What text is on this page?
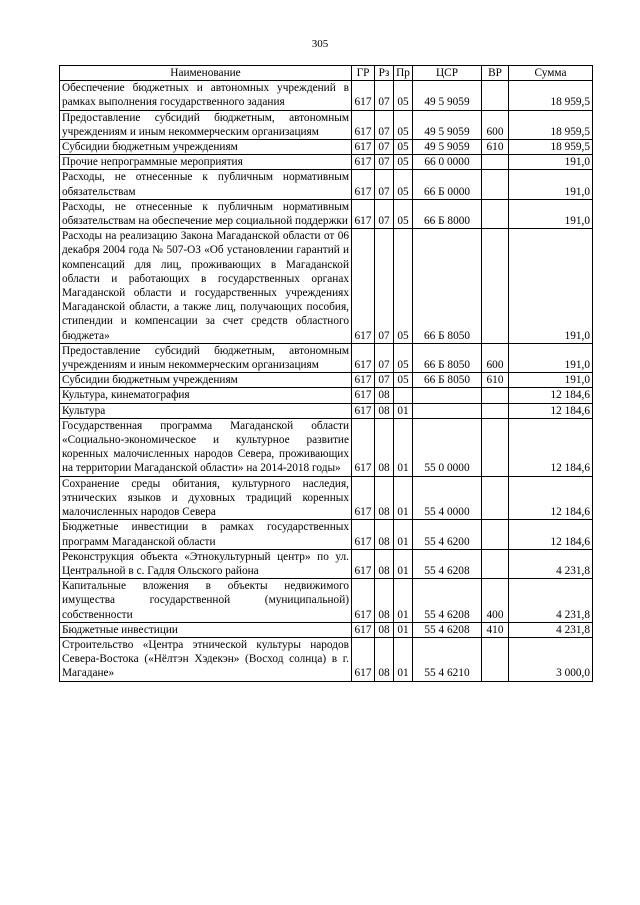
305
Наименование	ГР	Рз	Пр	ЦСР	ВР	Сумма
Обеспечение бюджетных и автономных учреждений в рамках выполнения государственного задания	617	07	05	49 5 9059		18 959,5
Предоставление субсидий бюджетным, автономным учреждениям и иным некоммерческим организациям	617	07	05	49 5 9059	600	18 959,5
Субсидии бюджетным учреждениям	617	07	05	49 5 9059	610	18 959,5
Прочие непрограммные мероприятия	617	07	05	66 0 0000		191,0
Расходы, не отнесенные к публичным нормативным обязательствам	617	07	05	66 Б 0000		191,0
Расходы, не отнесенные к публичным нормативным обязательствам на обеспечение мер социальной поддержки	617	07	05	66 Б 8000		191,0
Расходы на реализацию Закона Магаданской области от 06 декабря 2004 года № 507-ОЗ «Об установлении гарантий и компенсаций для лиц, проживающих в Магаданской области и работающих в государственных органах Магаданской области и государственных учреждениях Магаданской области, а также лиц, получающих пособия, стипендии и компенсации за счет средств областного бюджета»	617	07	05	66 Б 8050		191,0
Предоставление субсидий бюджетным, автономным учреждениям и иным некоммерческим организациям	617	07	05	66 Б 8050	600	191,0
Субсидии бюджетным учреждениям	617	07	05	66 Б 8050	610	191,0
Культура, кинематография	617	08				12 184,6
Культура	617	08	01			12 184,6
Государственная программа Магаданской области «Социально-экономическое и культурное развитие коренных малочисленных народов Севера, проживающих на территории Магаданской области» на 2014-2018 годы»	617	08	01	55 0 0000		12 184,6
Сохранение среды обитания, культурного наследия, этнических языков и духовных традиций коренных малочисленных народов Севера	617	08	01	55 4 0000		12 184,6
Бюджетные инвестиции в рамках государственных программ Магаданской области	617	08	01	55 4 6200		12 184,6
Реконструкция объекта «Этнокультурный центр» по ул. Центральной в с. Гадля Ольского района	617	08	01	55 4 6208		4 231,8
Капитальные вложения в объекты недвижимого имущества государственной (муниципальной) собственности	617	08	01	55 4 6208	400	4 231,8
Бюджетные инвестиции	617	08	01	55 4 6208	410	4 231,8
Строительство «Центра этнической культуры народов Севера-Востока («Нёлтэн Хэдекэн» (Восход солнца) в г. Магадане»	617	08	01	55 4 6210		3 000,0
